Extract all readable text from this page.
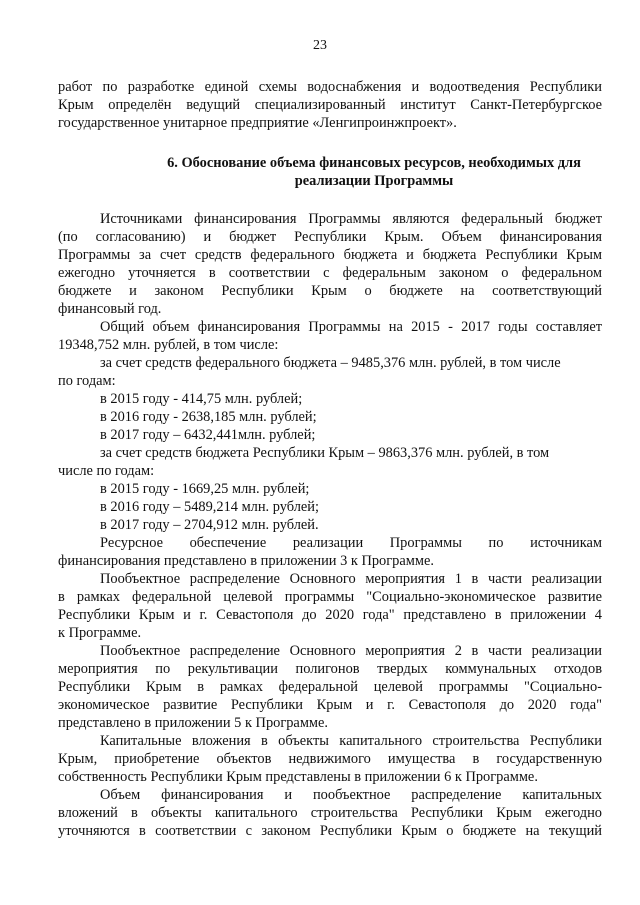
23
работ по разработке единой схемы водоснабжения и водоотведения Республики
Крым определён ведущий специализированный институт Санкт-Петербургское
государственное унитарное предприятие «Ленгипроинжпроект».
6. Обоснование объема финансовых ресурсов, необходимых для
реализации Программы
Источниками финансирования Программы являются федеральный бюджет
(по согласованию) и бюджет Республики Крым. Объем финансирования
Программы за счет средств федерального бюджета и бюджета Республики Крым
ежегодно уточняется в соответствии с федеральным законом о федеральном
бюджете и законом Республики Крым о бюджете на соответствующий
финансовый год.
Общий объем финансирования Программы на 2015 - 2017 годы составляет
19348,752 млн. рублей, в том числе:
за счет средств федерального бюджета – 9485,376 млн. рублей, в том числе
по годам:
в 2015 году - 414,75 млн. рублей;
в 2016 году - 2638,185 млн. рублей;
в 2017 году – 6432,441млн. рублей;
за счет средств бюджета Республики Крым – 9863,376 млн. рублей, в том
числе по годам:
в 2015 году - 1669,25 млн. рублей;
в 2016 году – 5489,214 млн. рублей;
в 2017 году – 2704,912 млн. рублей.
Ресурсное обеспечение реализации Программы по источникам
финансирования представлено в приложении 3 к Программе.
Пообъектное распределение Основного мероприятия 1 в части реализации
в рамках федеральной целевой программы "Социально-экономическое развитие
Республики Крым и г. Севастополя до 2020 года" представлено в приложении 4
к Программе.
Пообъектное распределение Основного мероприятия 2 в части реализации
мероприятия по рекультивации полигонов твердых коммунальных отходов
Республики Крым в рамках федеральной целевой программы "Социально-
экономическое развитие Республики Крым и г. Севастополя до 2020 года"
представлено в приложении 5 к Программе.
Капитальные вложения в объекты капитального строительства Республики
Крым, приобретение объектов недвижимого имущества в государственную
собственность Республики Крым представлены в приложении 6 к Программе.
Объем финансирования и пообъектное распределение капитальных
вложений в объекты капитального строительства Республики Крым ежегодно
уточняются в соответствии с законом Республики Крым о бюджете на текущий
